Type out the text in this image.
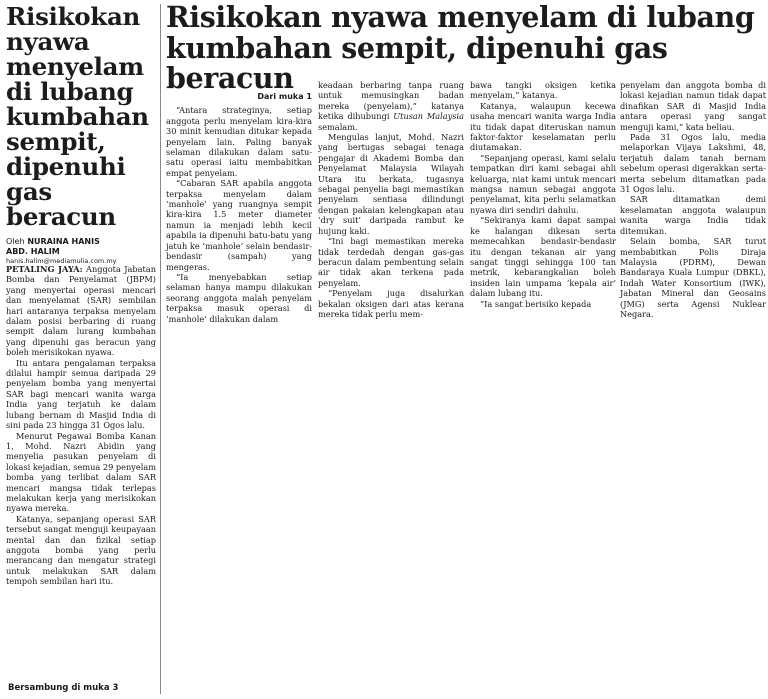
Risikokan nyawa menyelam di lubang kumbahan sempit, dipenuhi gas beracun
Oleh NURAINA HANIS
ABD. HALIM
hanis.halim@mediamulia.com.my

PETALING JAYA: Anggota Jabatan Bomba dan Penyelamat (JBPM) yang menyertai operasi mencari dan menyelamat (SAR) sembilan hari antaranya terpaksa menyelam dalam posisi berbaring di ruang sempit dalam lurang kumbahan yang dipenuhi gas beracun yang boleh merisikokan nyawa.

Itu antara pengalaman terpaksa dilalui hampir semua daripada 29 penyelam bomba yang menyertai SAR bagi mencari wanita warga India yang terjatuh ke dalam lubang bernam di Masjid India di sini pada 23 hingga 31 Ogos lalu.

Menurut Pegawai Bomba Kanan 1, Mohd. Nazri Abidin yang menyelia pasukan penyelam di lokasi kejadian, semua 29 penyelam bomba yang terlibat dalam SAR mencari mangsa tidak terlepas melakukan kerja yang merisikokan nyawa mereka.

Katanya, sepanjang operasi SAR tersebut sangat menguji keupayaan mental dan dan fizikal setiap anggota bomba yang perlu merancang dan mengatur strategi untuk melakukan SAR dalam tempoh sembilan hari itu.

Bersambung di muka 3
Risikokan nyawa menyelam di lubang kumbahan sempit, dipenuhi gas beracun
Dari muka 1

“Antara strateginya, setiap anggota perlu menyelam kira-kira 30 minit kemudian ditukar kepada penyelam lain. Paling banyak selaman dilakukan dalam satu-satu operasi iaitu membabitkan empat penyelam.

“Cabaran SAR apabila anggota terpaksa menyelam dalam ‘manhole’ yang ruangnya sempit kira-kira 1.5 meter diameter namun ia menjadi lebih kecil apabila ia dipenuhi batu-batu yang jatuh ke ‘manhole’ selain bendasir-bendasir (sampah) yang mengeras.

“Ia menyebabkan setiap selaman hanya mampu dilakukan seorang anggota malah penyelam terpaksa masuk operasi di ‘manhole’ dilakukan dalam

keadaan berbaring tanpa ruang untuk memusingkan badan mereka (penyelam),” katanya ketika dihubungi Utusan Malaysia semalam.

Mengulas lanjut, Mohd. Nazri yang bertugas sebagai tenaga pengajar di Akademi Bomba dan Penyelamat Malaysia Wilayah Utara itu berkata, tugasnya sebagai penyelia bagi memastikan penyelam sentiasa dilindungi dengan pakaian kelengkapan atau ‘dry suit’ daripada rambut ke hujung kaki.

“Ini bagi memastikan mereka tidak terdedah dengan gas-gas beracun dalam pembentung selain air tidak akan terkena pada penyelam.

“Penyelam juga disalurkan bekalan oksigen dari atas kerana mereka tidak perlu mem-

bawa tangki oksigen ketika menyelam,” katanya.

Katanya, walaupun kecewa usaha mencari wanita warga India itu tidak dapat diteruskan namun faktor-faktor keselamatan perlu diutamakan.

“Sepanjang operasi, kami selalu tempatkan diri kami sebagai ahli keluarga, niat kami untuk mencari mangsa namun sebagai anggota penyelamat, kita perlu selamatkan nyawa diri sendiri dahulu.

“Sekiranya kami dapat sampai ke halangan dikesan serta memecahkan bendasir-bendasir itu dengan tekanan air yang sangat tinggi sehingga 100 tan metrik, kebarangkalian boleh insiden lain umpama ‘kepala air’ dalam lubang itu.

“Ia sangat berisiko kepada

penyelam dan anggota bomba di lokasi kejadian namun tidak dapat dinafikan SAR di Masjid India antara operasi yang sangat menguji kami,” kata beliau.

Pada 31 Ogos lalu, media melaporkan Vijaya Lakshmi, 48, terjatuh dalam tanah bernam sebelum operasi digerakkan serta-merta sebelum ditamatkan pada 31 Ogos lalu.

SAR ditamatkan demi keselamatan anggota walaupun wanita warga India tidak ditemukan.

Selain bomba, SAR turut membabitkan Polis Diraja Malaysia (PDRM), Dewan Bandaraya Kuala Lumpur (DBKL), Indah Water Konsortium (IWK), Jabatan Mineral dan Geosains (JMG) serta Agensi Nuklear Negara.
